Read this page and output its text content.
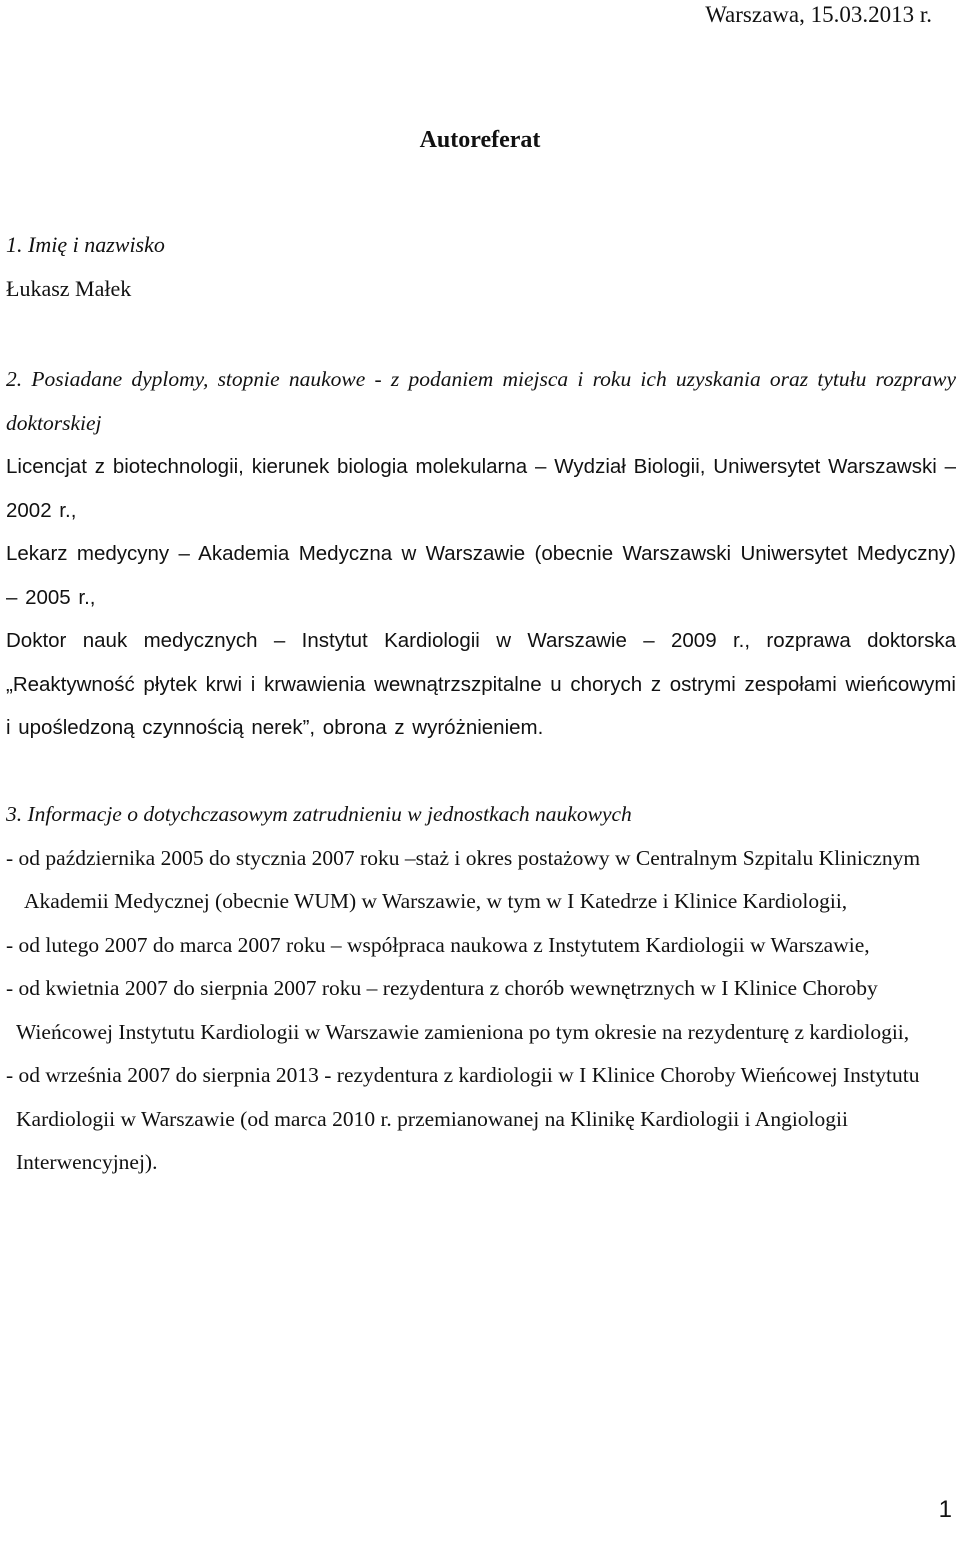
Warszawa, 15.03.2013 r.
Autoreferat
1. Imię i nazwisko
Łukasz Małek
2. Posiadane dyplomy, stopnie naukowe - z podaniem miejsca i roku ich uzyskania oraz tytułu rozprawy doktorskiej
Licencjat z biotechnologii, kierunek biologia molekularna – Wydział Biologii, Uniwersytet Warszawski – 2002 r.,
Lekarz medycyny – Akademia Medyczna w Warszawie (obecnie Warszawski Uniwersytet Medyczny) – 2005 r.,
Doktor nauk medycznych – Instytut Kardiologii w Warszawie – 2009 r., rozprawa doktorska „Reaktywność płytek krwi i krwawienia wewnątrzszpitalne u chorych z ostrymi zespołami wieńcowymi i upośledzoną czynnością nerek”, obrona z wyróżnieniem.
3. Informacje o dotychczasowym zatrudnieniu w jednostkach naukowych
- od października 2005 do stycznia 2007 roku –staż i okres postażowy w Centralnym Szpitalu Klinicznym Akademii Medycznej (obecnie WUM) w Warszawie, w tym w I Katedrze i Klinice Kardiologii,
- od lutego 2007 do marca 2007 roku – współpraca naukowa z Instytutem Kardiologii w Warszawie,
- od kwietnia 2007 do sierpnia 2007 roku – rezydentura z chorób wewnętrznych w I Klinice Choroby Wieńcowej Instytutu Kardiologii w Warszawie zamieniona po tym okresie na rezydenturę z kardiologii,
- od września 2007 do sierpnia 2013 - rezydentura z kardiologii w I Klinice Choroby Wieńcowej Instytutu Kardiologii w Warszawie (od marca 2010 r. przemianowanej na Klinikę Kardiologii i Angiologii Interwencyjnej).
1
